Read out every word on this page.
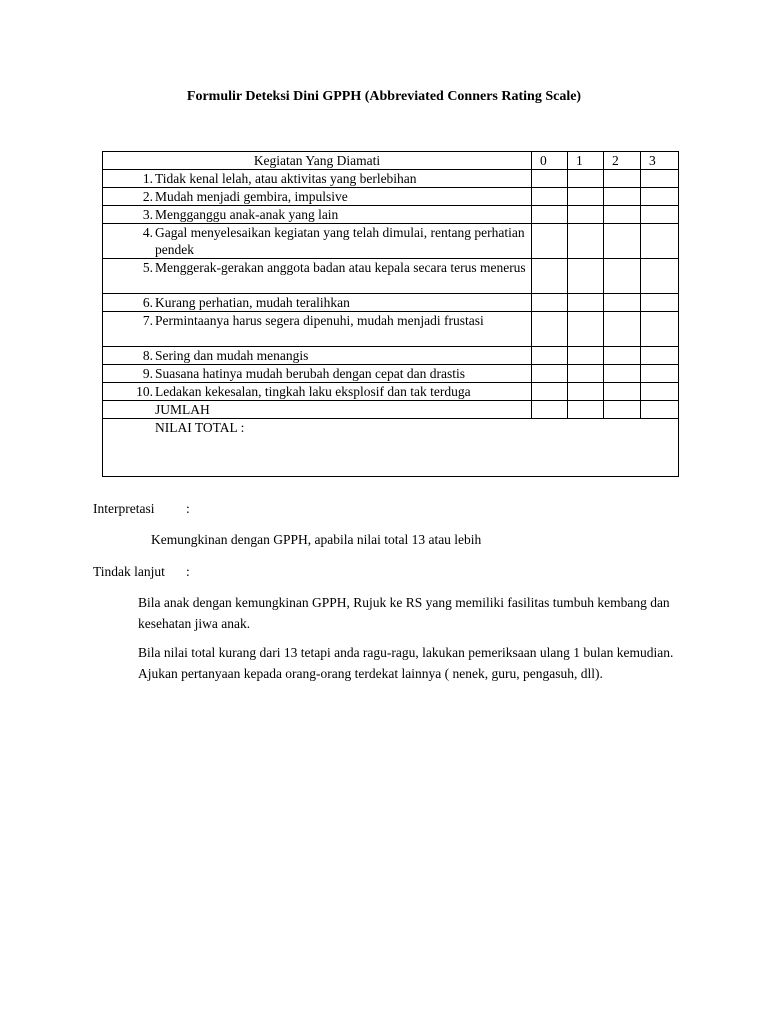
Formulir Deteksi Dini GPPH (Abbreviated Conners Rating Scale)
Kegiatan Yang Diamati	0	1	2	3

1. Tidak kenal lelah, atau aktivitas yang berlebihan				

2. Mudah menjadi gembira, impulsive				

3. Mengganggu anak-anak yang lain				

4. Gagal menyelesaikan kegiatan yang telah dimulai, rentang perhatian pendek				

5. Menggerak-gerakan anggota badan atau kepala secara terus menerus				

6. Kurang perhatian, mudah teralihkan				

7. Permintaanya harus segera dipenuhi, mudah menjadi frustasi				

8. Sering dan mudah menangis				

9. Suasana hatinya mudah berubah dengan cepat dan drastis				

10. Ledakan kekesalan, tingkah laku eksplosif dan tak terduga				

JUMLAH				

NILAI TOTAL :				
Interpretasi :
Kemungkinan dengan GPPH, apabila nilai total 13 atau lebih
Tindak lanjut :
Bila anak dengan kemungkinan GPPH, Rujuk ke RS yang memiliki fasilitas tumbuh kembang dan kesehatan jiwa anak.
Bila nilai total kurang dari 13 tetapi anda ragu-ragu, lakukan pemeriksaan ulang 1 bulan kemudian. Ajukan pertanyaan kepada orang-orang terdekat lainnya ( nenek, guru, pengasuh, dll).
